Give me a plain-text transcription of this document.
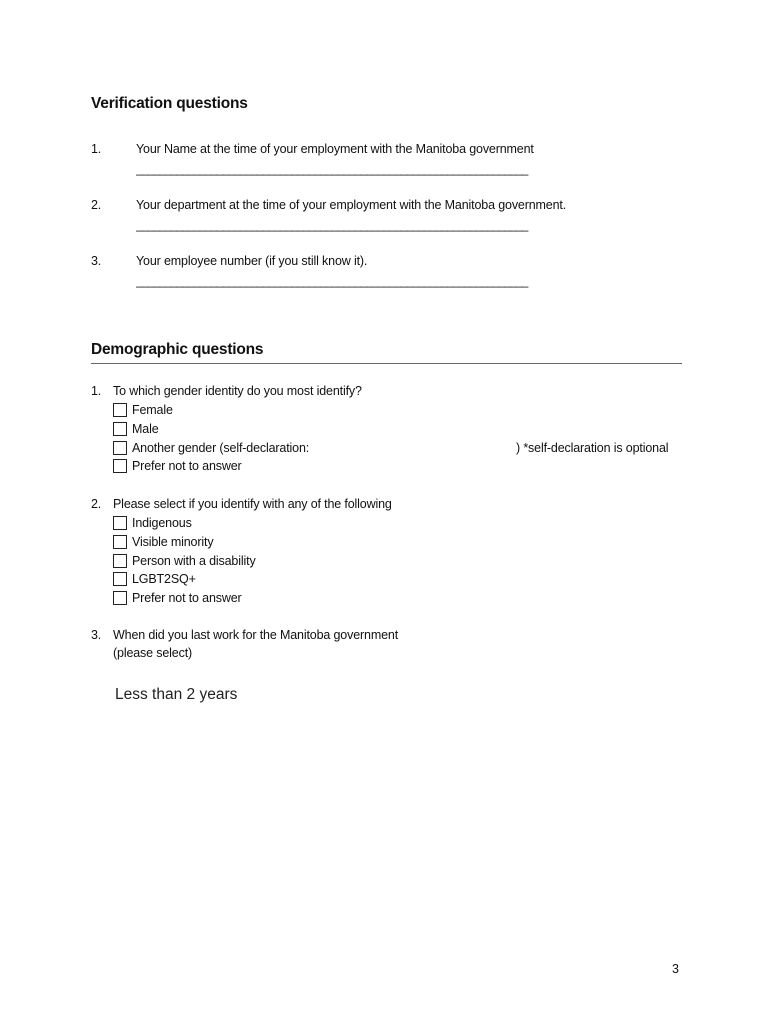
Verification questions
1.	Your Name at the time of your employment with the Manitoba government
____________________________________________________________________
2.	Your department at the time of your employment with the Manitoba government.
____________________________________________________________________
3.	Your employee number (if you still know it).
____________________________________________________________________
Demographic questions
1. To which gender identity do you most identify?
Female
Male
Another gender (self-declaration:
Prefer not to answer
) *self-declaration is optional
2. Please select if you identify with any of the following
Indigenous
Visible minority
Person with a disability
LGBT2SQ+
Prefer not to answer
3. When did you last work for the Manitoba government
(please select)
Less than 2 years
3
